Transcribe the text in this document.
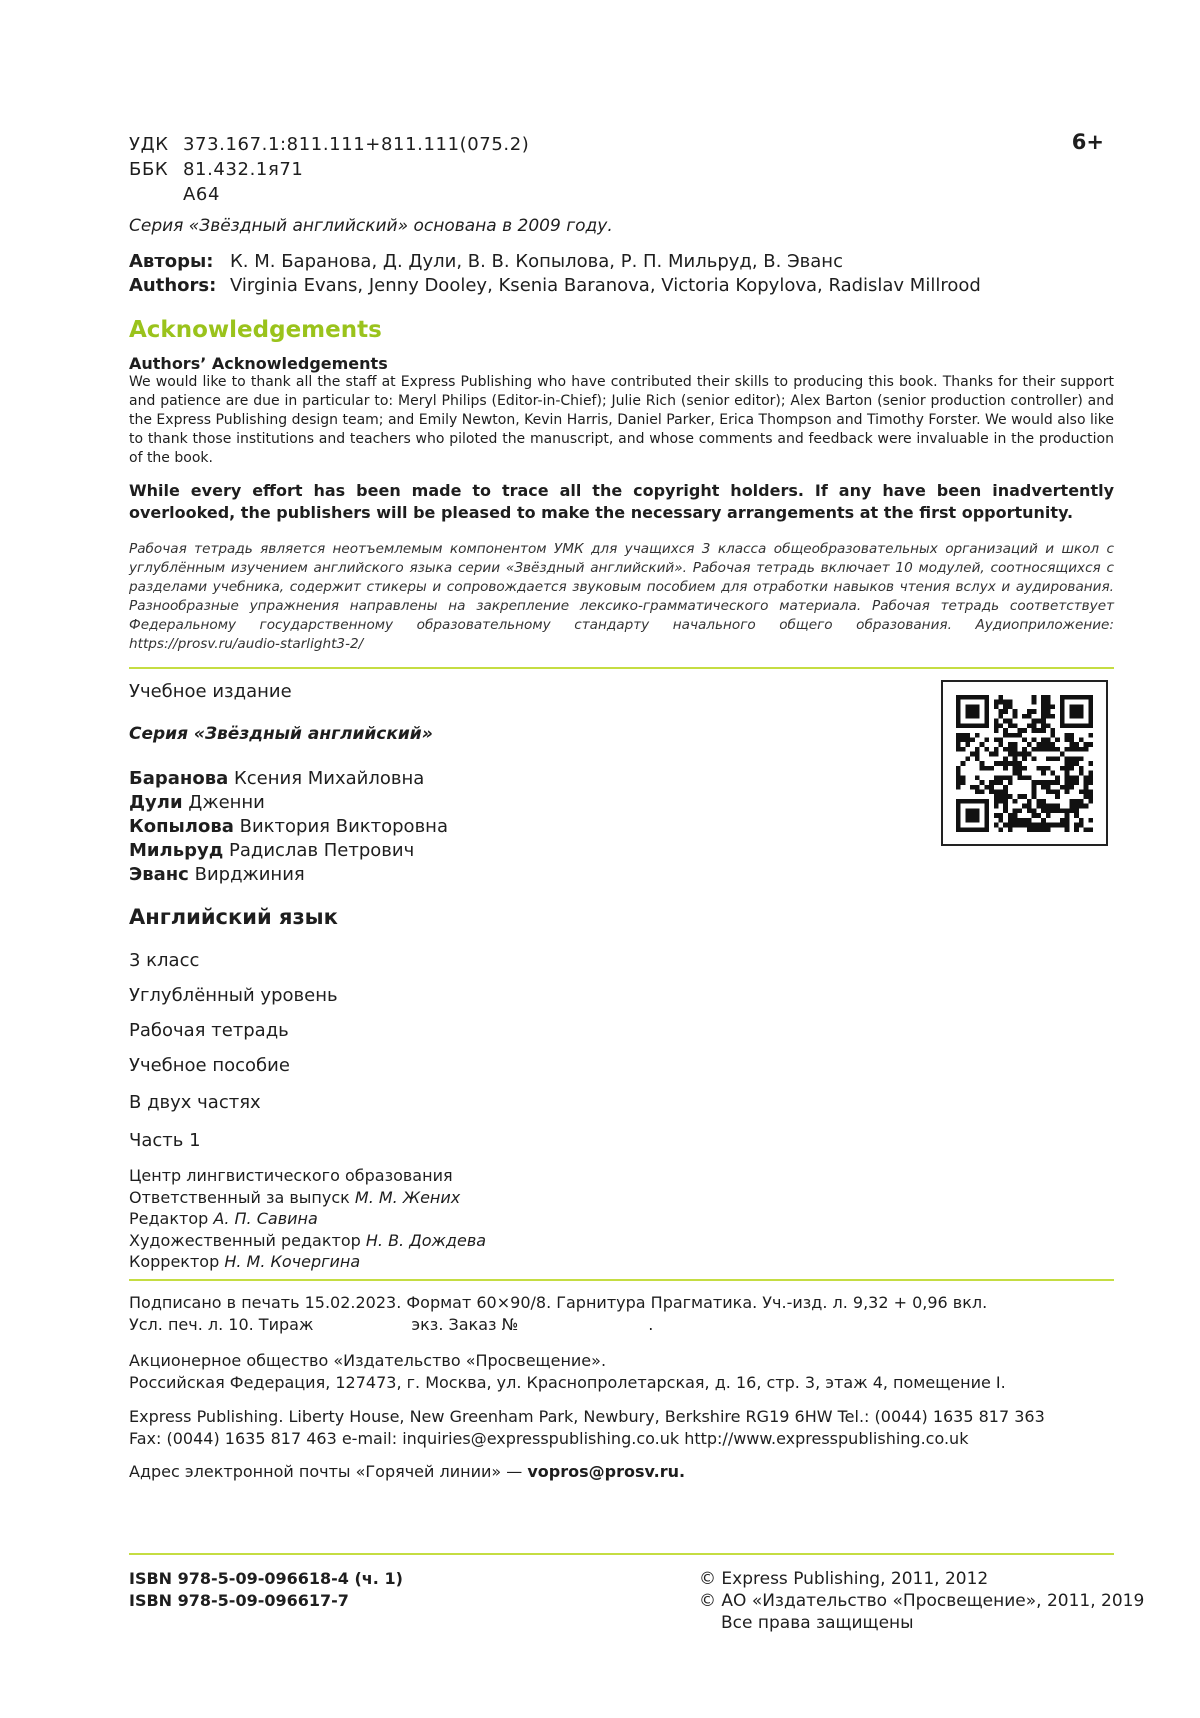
УДК 373.167.1:811.111+811.111(075.2)
ББК 81.432.1я71
А64
6+
Серия «Звёздный английский» основана в 2009 году.
Авторы: К. М. Баранова, Д. Дули, В. В. Копылова, Р. П. Мильруд, В. Эванс
Authors: Virginia Evans, Jenny Dooley, Ksenia Baranova, Victoria Kopylova, Radislav Millrood
Acknowledgements
Authors’ Acknowledgements
We would like to thank all the staff at Express Publishing who have contributed their skills to producing this book. Thanks for their support and patience are due in particular to: Meryl Philips (Editor-in-Chief); Julie Rich (senior editor); Alex Barton (senior production controller) and the Express Publishing design team; and Emily Newton, Kevin Harris, Daniel Parker, Erica Thompson and Timothy Forster. We would also like to thank those institutions and teachers who piloted the manuscript, and whose comments and feedback were invaluable in the production of the book.
While every effort has been made to trace all the copyright holders. If any have been inadvertently overlooked, the publishers will be pleased to make the necessary arrangements at the first opportunity.
Рабочая тетрадь является неотъемлемым компонентом УМК для учащихся 3 класса общеобразовательных организаций и школ с углублённым изучением английского языка серии «Звёздный английский». Рабочая тетрадь включает 10 модулей, соотносящихся с разделами учебника, содержит стикеры и сопровождается звуковым пособием для отработки навыков чтения вслух и аудирования. Разнообразные упражнения направлены на закрепление лексико-грамматического материала. Рабочая тетрадь соответствует Федеральному государственному образовательному стандарту начального общего образования. Аудиоприложение: https://prosv.ru/audio-starlight3-2/
Учебное издание
Серия «Звёздный английский»
Баранова Ксения Михайловна
Дули Дженни
Копылова Виктория Викторовна
Мильруд Радислав Петрович
Эванс Вирджиния
Английский язык
3 класс
Углублённый уровень
Рабочая тетрадь
Учебное пособие
В двух частях
Часть 1
Центр лингвистического образования
Ответственный за выпуск М. М. Жених
Редактор А. П. Савина
Художественный редактор Н. В. Дождева
Корректор Н. М. Кочергина
Подписано в печать 15.02.2023. Формат 60×90/8. Гарнитура Прагматика. Уч.-изд. л. 9,32 + 0,96 вкл.
Усл. печ. л. 10. Тираж	экз. Заказ №	.
Акционерное общество «Издательство «Просвещение».
Российская Федерация, 127473, г. Москва, ул. Краснопролетарская, д. 16, стр. 3, этаж 4, помещение I.
Express Publishing. Liberty House, New Greenham Park, Newbury, Berkshire RG19 6HW Tel.: (0044) 1635 817 363
Fax: (0044) 1635 817 463 e-mail: inquiries@expresspublishing.co.uk http://www.expresspublishing.co.uk
Адрес электронной почты «Горячей линии» — vopros@prosv.ru.
ISBN 978-5-09-096618-4 (ч. 1)
ISBN 978-5-09-096617-7
© Express Publishing, 2011, 2012
© АО «Издательство «Просвещение», 2011, 2019
Все права защищены
